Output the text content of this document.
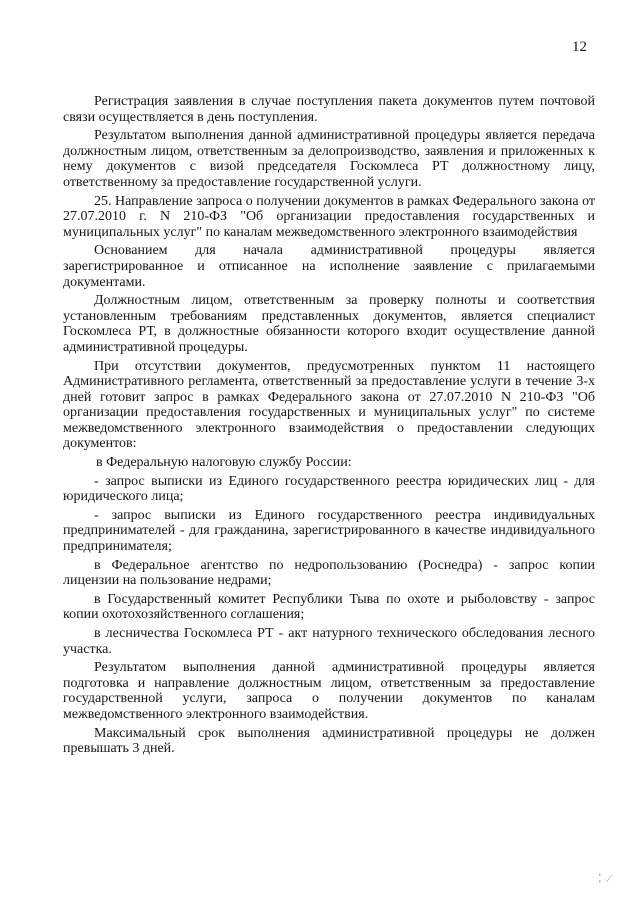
12

Регистрация заявления в случае поступления пакета документов путем почтовой связи осуществляется в день поступления.

Результатом выполнения данной административной процедуры является передача должностным лицом, ответственным за делопроизводство, заявления и приложенных к нему документов с визой председателя Госкомлеса РТ должностному лицу, ответственному за предоставление государственной услуги.

25. Направление запроса о получении документов в рамках Федерального закона от 27.07.2010 г. N 210-ФЗ "Об организации предоставления государственных и муниципальных услуг" по каналам межведомственного электронного взаимодействия

Основанием для начала административной процедуры является зарегистрированное и отписанное на исполнение заявление с прилагаемыми документами.

Должностным лицом, ответственным за проверку полноты и соответствия установленным требованиям представленных документов, является специалист Госкомлеса РТ, в должностные обязанности которого входит осуществление данной административной процедуры.

При отсутствии документов, предусмотренных пунктом 11 настоящего Административного регламента, ответственный за предоставление услуги в течение 3-х дней готовит запрос в рамках Федерального закона от 27.07.2010 N 210-ФЗ "Об организации предоставления государственных и муниципальных услуг" по системе межведомственного электронного взаимодействия о предоставлении следующих документов:

в Федеральную налоговую службу России:

- запрос выписки из Единого государственного реестра юридических лиц - для юридического лица;

- запрос выписки из Единого государственного реестра индивидуальных предпринимателей - для гражданина, зарегистрированного в качестве индивидуального предпринимателя;

в Федеральное агентство по недропользованию (Роснедра) - запрос копии лицензии на пользование недрами;

в Государственный комитет Республики Тыва по охоте и рыболовству - запрос копии охотохозяйственного соглашения;

в лесничества Госкомлеса РТ - акт натурного технического обследования лесного участка.

Результатом выполнения данной административной процедуры является подготовка и направление должностным лицом, ответственным за предоставление государственной услуги, запроса о получении документов по каналам межведомственного электронного взаимодействия.

Максимальный срок выполнения административной процедуры не должен превышать 3 дней.

⁚ ⁄
